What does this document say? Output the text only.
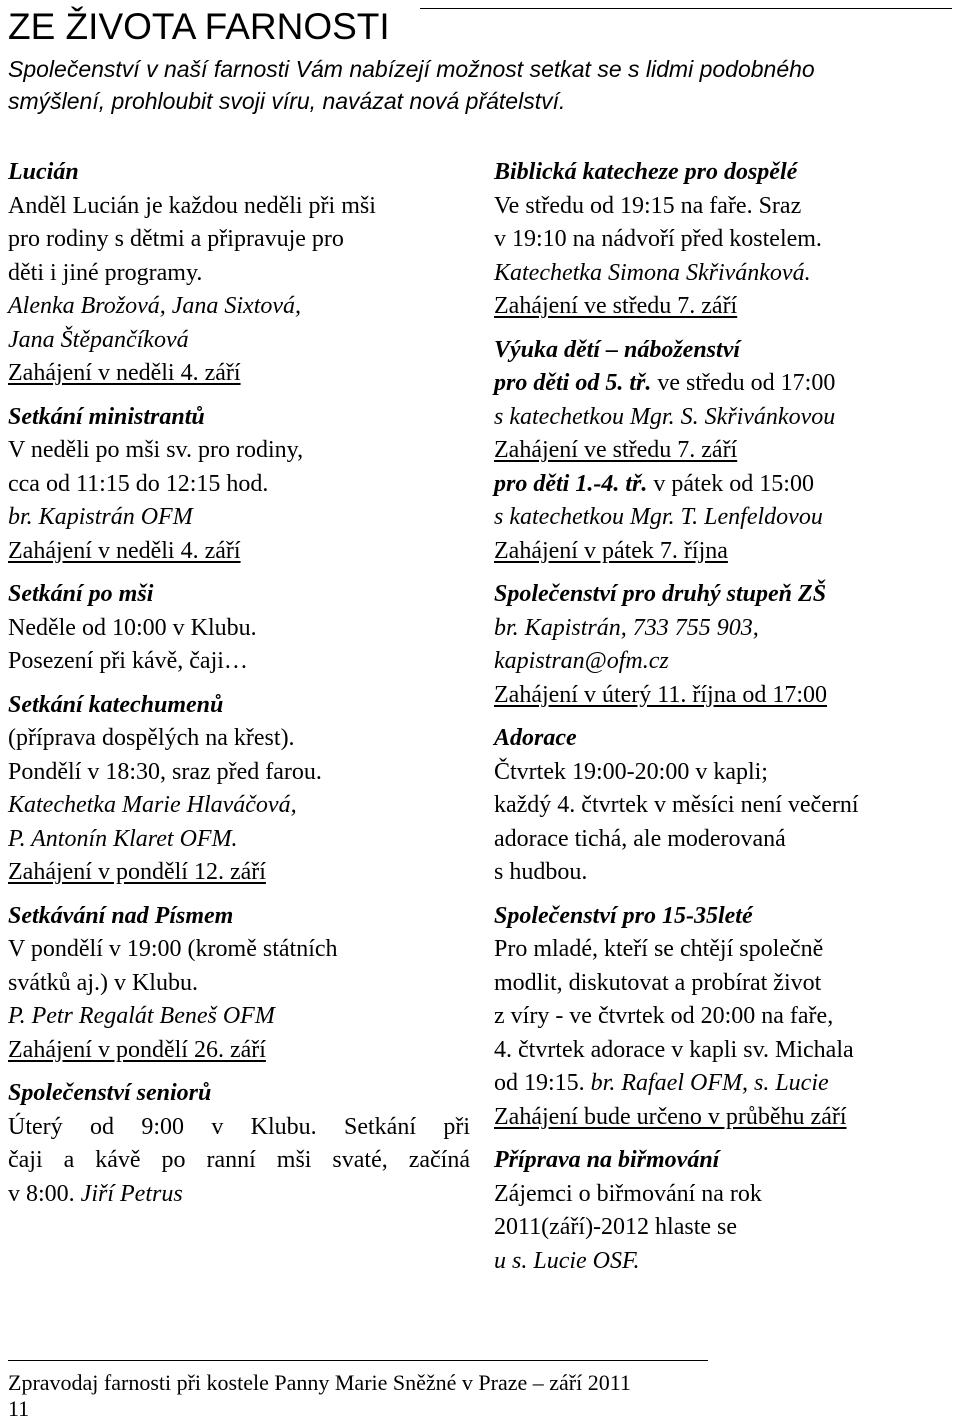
ZE ŽIVOTA FARNOSTI
Společenství v naší farnosti Vám nabízejí možnost setkat se s lidmi podobného
smýšlení, prohloubit svoji víru, navázat nová přátelství.
Lucián
Anděl Lucián je každou neděli při mši
pro rodiny s dětmi a připravuje pro
děti i jiné programy.
Alenka Brožová, Jana Sixtová,
Jana Štěpančíková
Zahájení v neděli 4. září
Setkání ministrantů
V neděli po mši sv. pro rodiny,
cca od 11:15 do 12:15 hod.
br. Kapistrán OFM
Zahájení v neděli 4. září
Setkání po mši
Neděle od 10:00 v Klubu.
Posezení při kávě, čaji…
Setkání katechumenů
(příprava dospělých na křest).
Pondělí v 18:30, sraz před farou.
Katechetka Marie Hlaváčová,
P. Antonín Klaret OFM.
Zahájení v pondělí 12. září
Setkávání nad Písmem
V pondělí v 19:00 (kromě státních
svátků aj.) v Klubu.
P. Petr Regalát Beneš OFM
Zahájení v pondělí 26. září
Společenství seniorů
Úterý od 9:00 v Klubu. Setkání při
čaji a kávě po ranní mši svaté, začíná
v 8:00. Jiří Petrus
Biblická katecheze pro dospělé
Ve středu od 19:15 na faře. Sraz
v 19:10 na nádvoří před kostelem.
Katechetka Simona Skřivánková.
Zahájení ve středu 7. září
Výuka dětí – náboženství
pro děti od 5. tř. ve středu od 17:00
s katechetkou Mgr. S. Skřivánkovou
Zahájení ve středu 7. září
pro děti 1.-4. tř. v pátek od 15:00
s katechetkou Mgr. T. Lenfeldovou
Zahájení v pátek 7. října
Společenství pro druhý stupeň ZŠ
br. Kapistrán, 733 755 903,
kapistran@ofm.cz
Zahájení v úterý 11. října od 17:00
Adorace
Čtvrtek 19:00-20:00 v kapli;
každý 4. čtvrtek v měsíci není večerní
adorace tichá, ale moderovaná
s hudbou.
Společenství pro 15-35leté
Pro mladé, kteří se chtějí společně
modlit, diskutovat a probírat život
z víry - ve čtvrtek od 20:00 na faře,
4. čtvrtek adorace v kapli sv. Michala
od 19:15. br. Rafael OFM, s. Lucie
Zahájení bude určeno v průběhu září
Příprava na biřmování
Zájemci o biřmování na rok
2011(září)-2012 hlaste se
u s. Lucie OSF.
Zpravodaj farnosti při kostele Panny Marie Sněžné v Praze – září 2011
11
